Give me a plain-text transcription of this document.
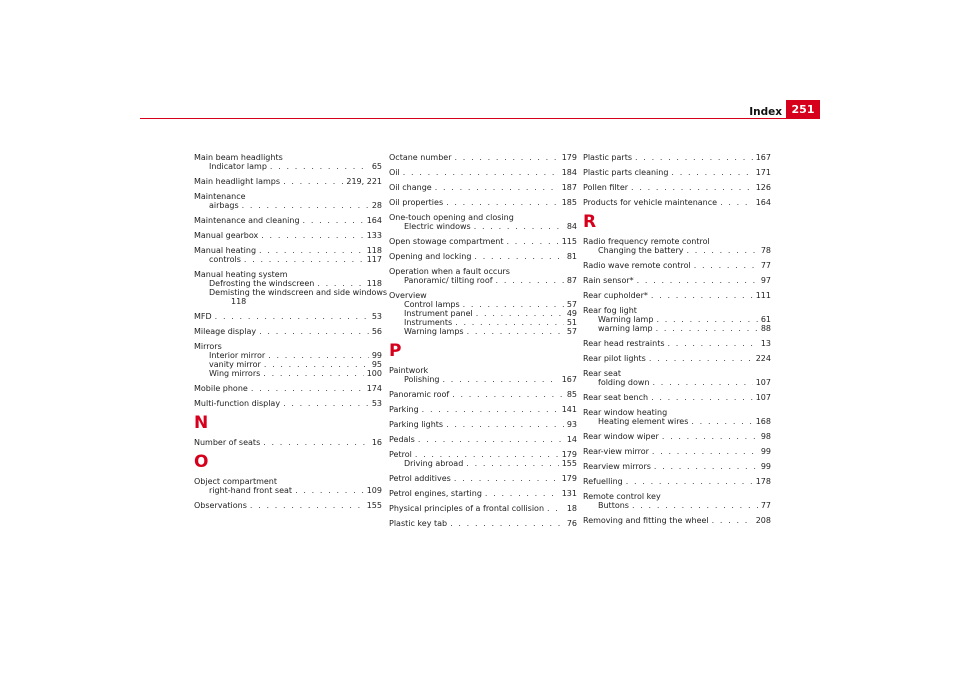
Index 251
Main beam headlights
Indicator lamp . . .	65
Main headlight lamps . . .	219, 221
Maintenance
airbags . . .	28
Maintenance and cleaning . . .	164
Manual gearbox . . .	133
Manual heating . . .	118
controls . . .	117
Manual heating system
Defrosting the windscreen . . .	118
Demisting the windscreen and side windows
118
MFD . . .	53
Mileage display . . .	56
Mirrors
Interior mirror . . .	99
vanity mirror . . .	95
Wing mirrors . . .	100
Mobile phone . . .	174
Multi-function display . . .	53
N
Number of seats . . .	16
O
Object compartment
right-hand front seat . . .	109
Observations . . .	155
Octane number . . .	179
Oil . . .	184
Oil change . . .	187
Oil properties . . .	185
One-touch opening and closing
Electric windows . . .	84
Open stowage compartment . . .	115
Opening and locking . . .	81
Operation when a fault occurs
Panoramic/ tilting roof . . .	87
Overview
Control lamps . . .	57
Instrument panel . . .	49
Instruments . . .	51
Warning lamps . . .	57
P
Paintwork
Polishing . . .	167
Panoramic roof . . .	85
Parking . . .	141
Parking lights . . .	93
Pedals . . .	14
Petrol . . .	179
Driving abroad . . .	155
Petrol additives . . .	179
Petrol engines, starting . . .	131
Physical principles of a frontal collision . . .	18
Plastic key tab . . .	76
Plastic parts . . .	167
Plastic parts cleaning . . .	171
Pollen filter . . .	126
Products for vehicle maintenance . . .	164
R
Radio frequency remote control
Changing the battery . . .	78
Radio wave remote control . . .	77
Rain sensor* . . .	97
Rear cupholder* . . .	111
Rear fog light
Warning lamp . . .	61
warning lamp . . .	88
Rear head restraints . . .	13
Rear pilot lights . . .	224
Rear seat
folding down . . .	107
Rear seat bench . . .	107
Rear window heating
Heating element wires . . .	168
Rear window wiper . . .	98
Rear-view mirror . . .	99
Rearview mirrors . . .	99
Refuelling . . .	178
Remote control key
Buttons . . .	77
Removing and fitting the wheel . . .	208
